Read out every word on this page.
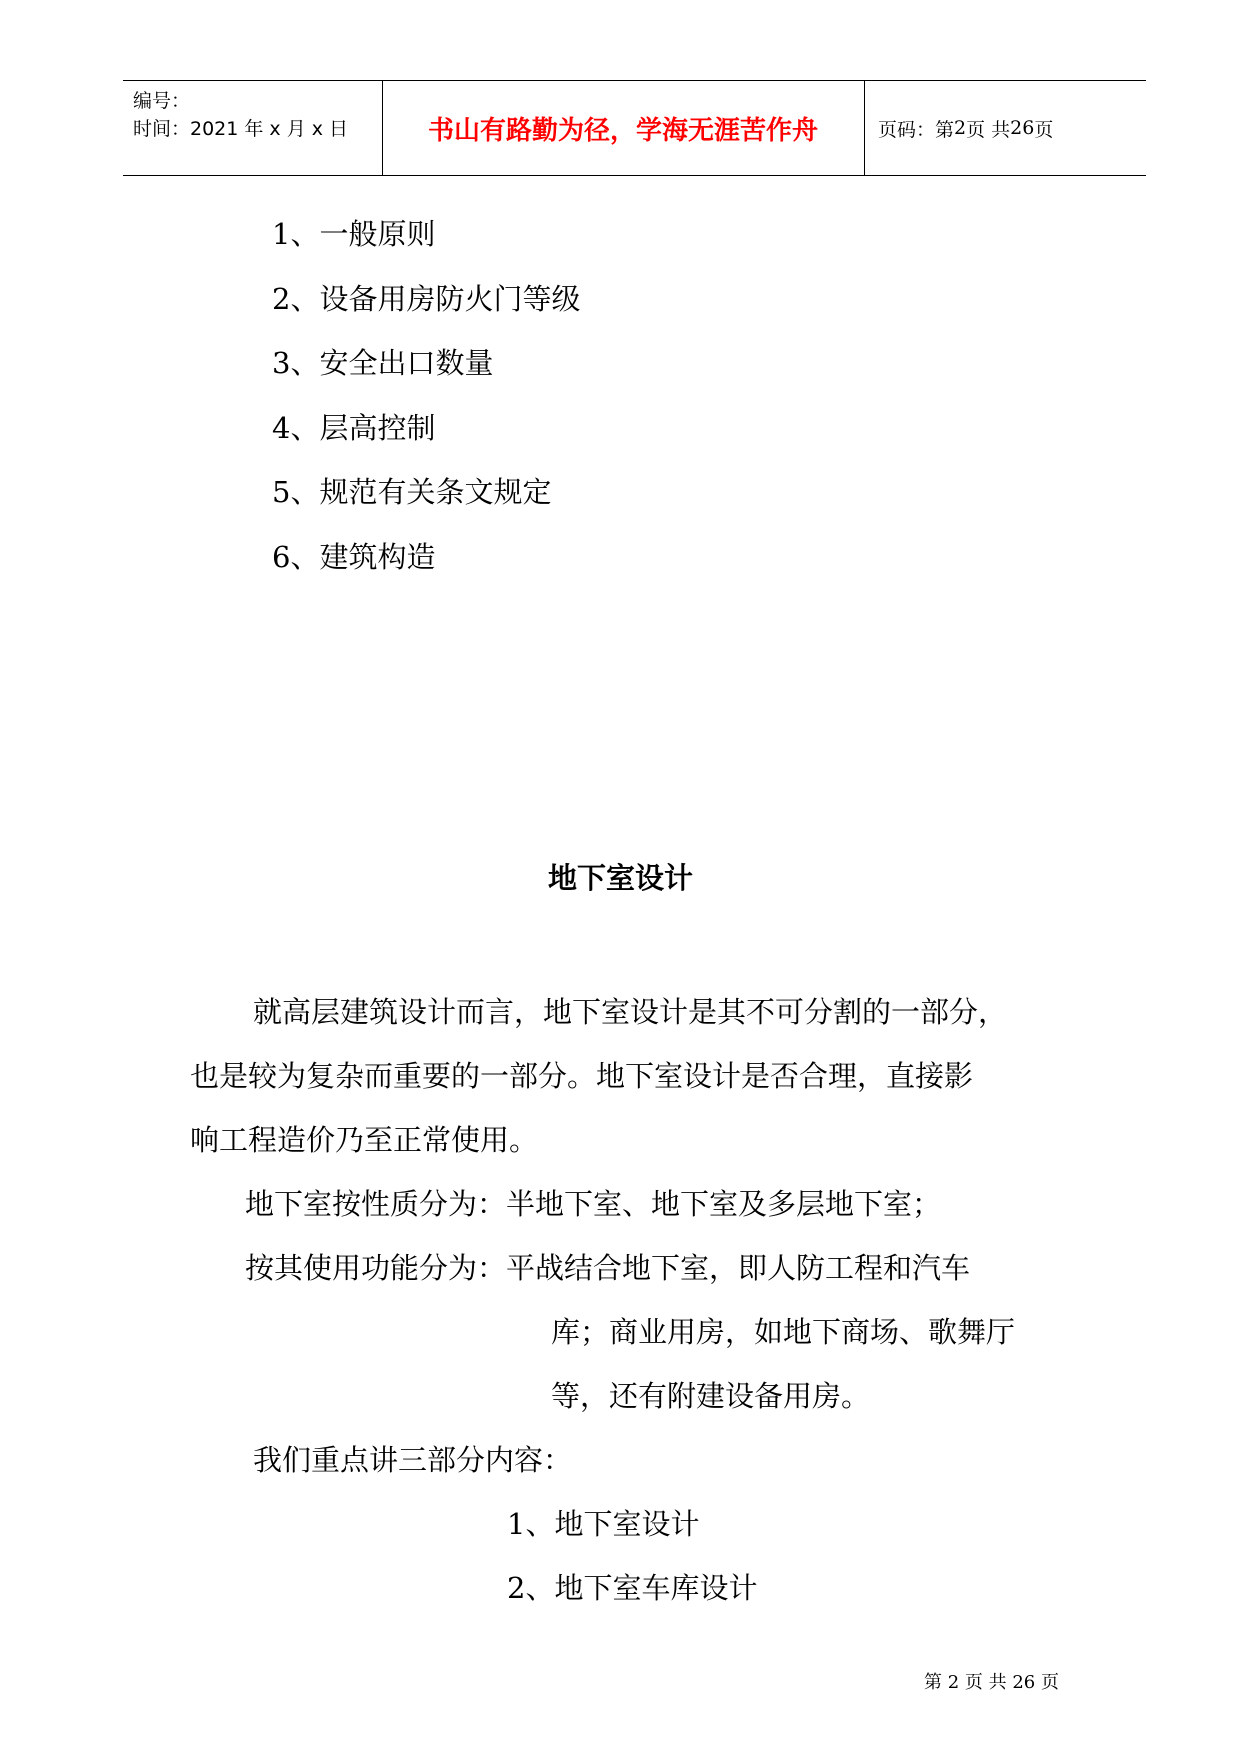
编号：
时间：2021 年 x 月 x 日	书山有路勤为径，学海无涯苦作舟	页码：第 2 页 共 26 页
1、一般原则
2、设备用房防火门等级
3、安全出口数量
4、层高控制
5、规范有关条文规定
6、建筑构造
地下室设计

就高层建筑设计而言，地下室设计是其不可分割的一部分，

也是较为复杂而重要的一部分。地下室设计是否合理，直接影

响工程造价乃至正常使用。

地下室按性质分为：半地下室、地下室及多层地下室；

按其使用功能分为：平战结合地下室，即人防工程和汽车

库；商业用房，如地下商场、歌舞厅

等，还有附建设备用房。

我们重点讲三部分内容：

1、地下室设计

2、地下室车库设计

第 2 页 共 26 页
